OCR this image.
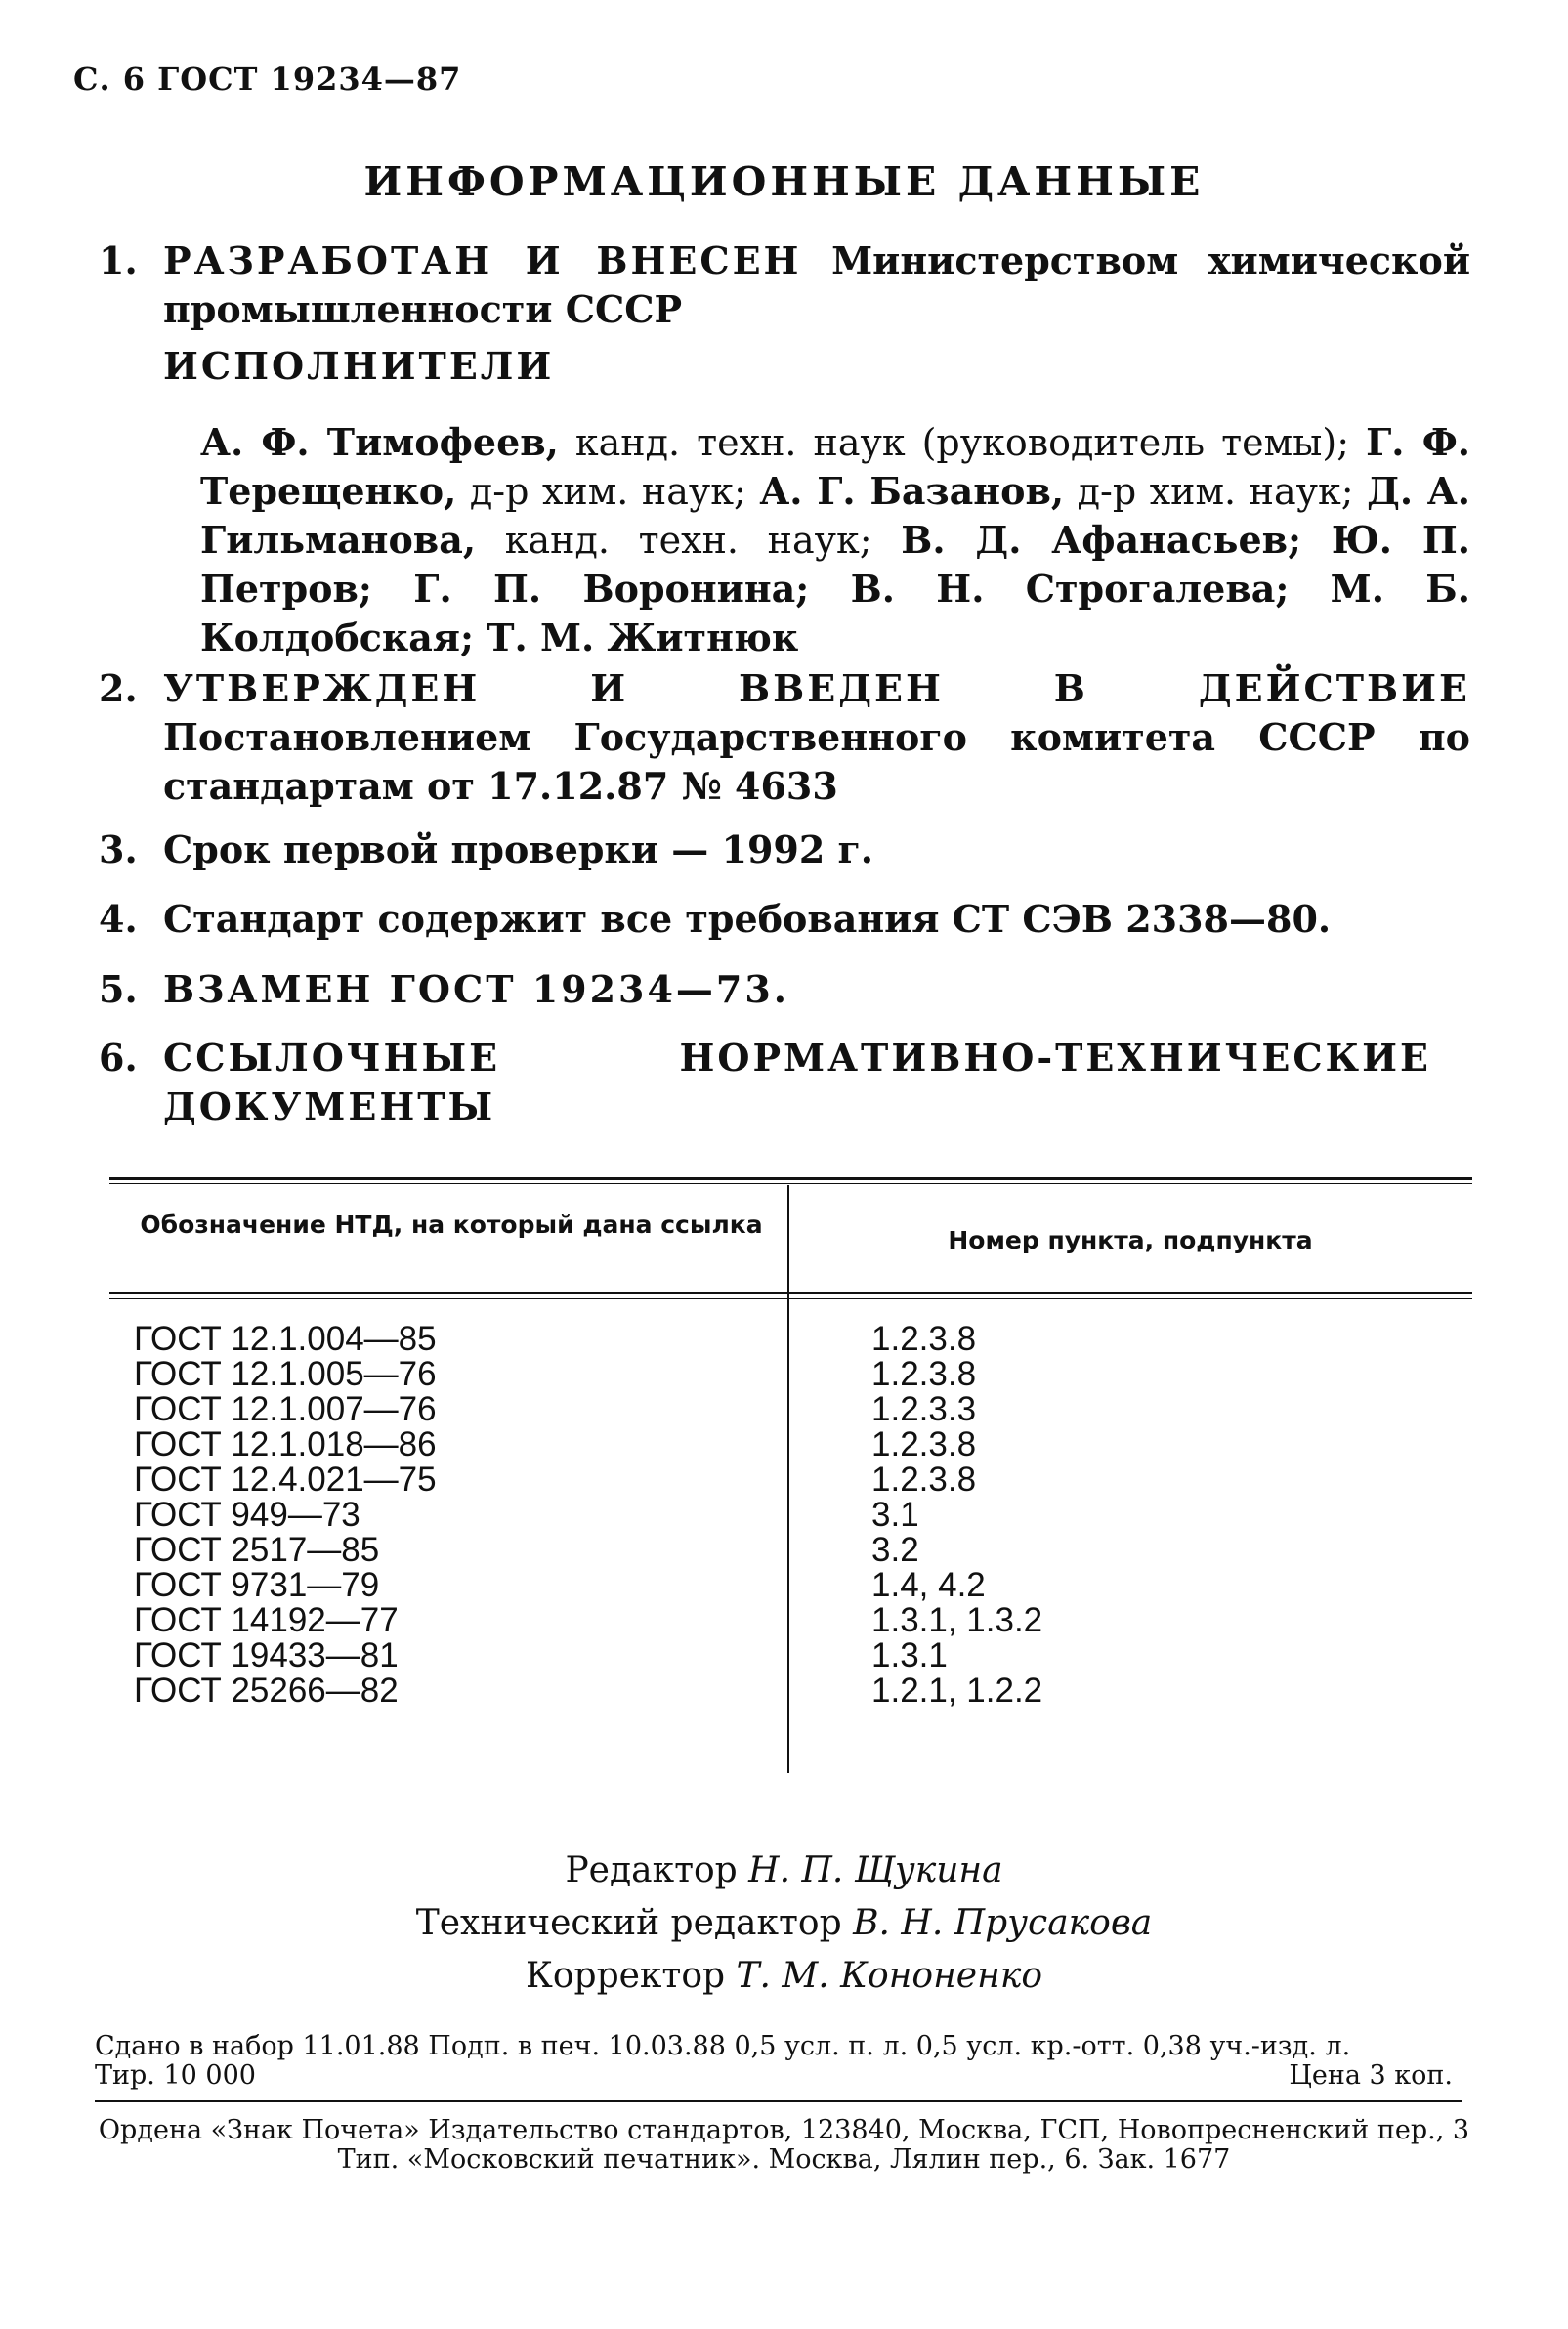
С. 6 ГОСТ 19234—87
ИНФОРМАЦИОННЫЕ ДАННЫЕ
1. РАЗРАБОТАН И ВНЕСЕН Министерством химической промышленности СССР
ИСПОЛНИТЕЛИ
А. Ф. Тимофеев, канд. техн. наук (руководитель темы); Г. Ф. Терещенко, д-р хим. наук; А. Г. Базанов, д-р хим. наук; Д. А. Гильманова, канд. техн. наук; В. Д. Афанасьев; Ю. П. Петров; Г. П. Воронина; В. Н. Строгалева; М. Б. Колдобская; Т. М. Житнюк
2. УТВЕРЖДЕН И ВВЕДЕН В ДЕЙСТВИЕ Постановлением Государственного комитета СССР по стандартам от 17.12.87 № 4633
3. Срок первой проверки — 1992 г.
4. Стандарт содержит все требования СТ СЭВ 2338—80.
5. ВЗАМЕН ГОСТ 19234—73.
6. ССЫЛОЧНЫЕ НОРМАТИВНО-ТЕХНИЧЕСКИЕ ДОКУМЕНТЫ
Обозначение НТД, на который дана ссылка
Номер пункта, подпункта
ГОСТ 12.1.004—85
ГОСТ 12.1.005—76
ГОСТ 12.1.007—76
ГОСТ 12.1.018—86
ГОСТ 12.4.021—75
ГОСТ 949—73
ГОСТ 2517—85
ГОСТ 9731—79
ГОСТ 14192—77
ГОСТ 19433—81
ГОСТ 25266—82
1.2.3.8
1.2.3.8
1.2.3.3
1.2.3.8
1.2.3.8
3.1
3.2
1.4, 4.2
1.3.1, 1.3.2
1.3.1
1.2.1, 1.2.2
Редактор Н. П. Щукина
Технический редактор В. Н. Прусакова
Корректор Т. М. Кононенко
Сдано в набор 11.01.88 Подп. в печ. 10.03.88 0,5 усл. п. л. 0,5 усл. кр.-отт. 0,38 уч.-изд. л.
Тир. 10 000	Цена 3 коп.
Ордена «Знак Почета» Издательство стандартов, 123840, Москва, ГСП, Новопресненский пер., 3
Тип. «Московский печатник». Москва, Лялин пер., 6. Зак. 1677
